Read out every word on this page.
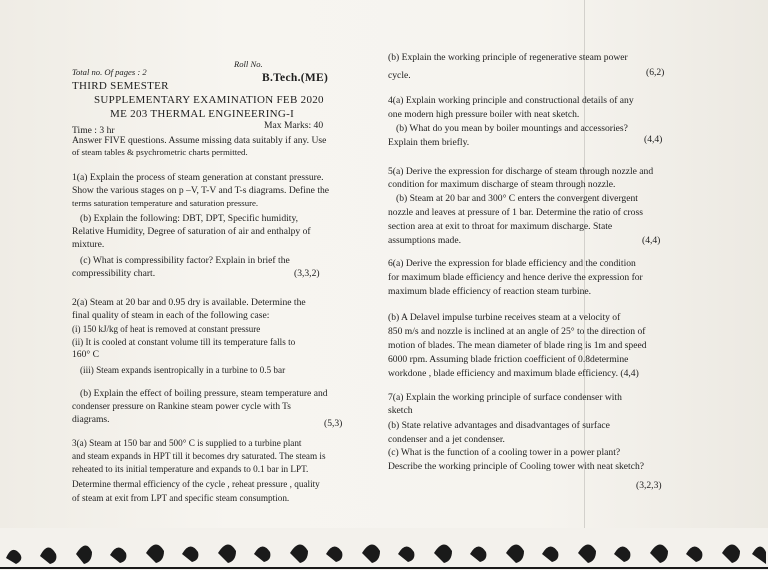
Total no. Of pages : 2
Roll No.
THIRD SEMESTER
B.Tech.(ME)
SUPPLEMENTARY EXAMINATION FEB 2020
ME 203 THERMAL ENGINEERING-I
Time : 3 hr	Max Marks: 40
Answer FIVE questions. Assume missing data suitably if any. Use
of steam tables & psychrometric charts permitted.
1(a) Explain the process of steam generation at constant pressure.
Show the various stages on p –V, T-V and T-s diagrams. Define the
terms saturation temperature and saturation pressure.
(b) Explain the following: DBT, DPT, Specific humidity,
Relative Humidity, Degree of saturation of air and enthalpy of
mixture.
(c) What is compressibility factor? Explain in brief the
compressibility chart.	(3,3,2)
2(a) Steam at 20 bar and 0.95 dry is available. Determine the
final quality of steam in each of the following case:
(i) 150 kJ/kg of heat is removed at constant pressure
(ii) It is cooled at constant volume till its temperature falls to
160° C
(iii) Steam expands isentropically in a turbine to 0.5 bar
(b) Explain the effect of boiling pressure, steam temperature and
condenser pressure on Rankine steam power cycle with Ts
diagrams.	(5,3)
3(a) Steam at 150 bar and 500° C is supplied to a turbine plant
and steam expands in HPT till it becomes dry saturated. The steam is
reheated to its initial temperature and expands to 0.1 bar in LPT.
Determine thermal efficiency of the cycle , reheat pressure , quality
of steam at exit from LPT and specific steam consumption.
(b) Explain the working principle of regenerative steam power
cycle.	(6,2)
4(a) Explain working principle and constructional details of any
one modern high pressure boiler with neat sketch.
(b) What do you mean by boiler mountings and accessories?
Explain them briefly.	(4,4)
5(a) Derive the expression for discharge of steam through nozzle and
condition for maximum discharge of steam through nozzle.
(b) Steam at 20 bar and 300° C enters the convergent divergent
nozzle and leaves at pressure of 1 bar. Determine the ratio of cross
section area at exit to throat for maximum discharge. State
assumptions made.	(4,4)
6(a) Derive the expression for blade efficiency and the condition
for maximum blade efficiency and hence derive the expression for
maximum blade efficiency of reaction steam turbine.
(b) A Delavel impulse turbine receives steam at a velocity of
850 m/s and nozzle is inclined at an angle of 25° to the direction of
motion of blades. The mean diameter of blade ring is 1m and speed
6000 rpm. Assuming blade friction coefficient of 0.8determine
workdone , blade efficiency and maximum blade efficiency. (4,4)
7(a) Explain the working principle of surface condenser with
sketch
(b) State relative advantages and disadvantages of surface
condenser and a jet condenser.
(c) What is the function of a cooling tower in a power plant?
Describe the working principle of Cooling tower with neat sketch?
(3,2,3)
